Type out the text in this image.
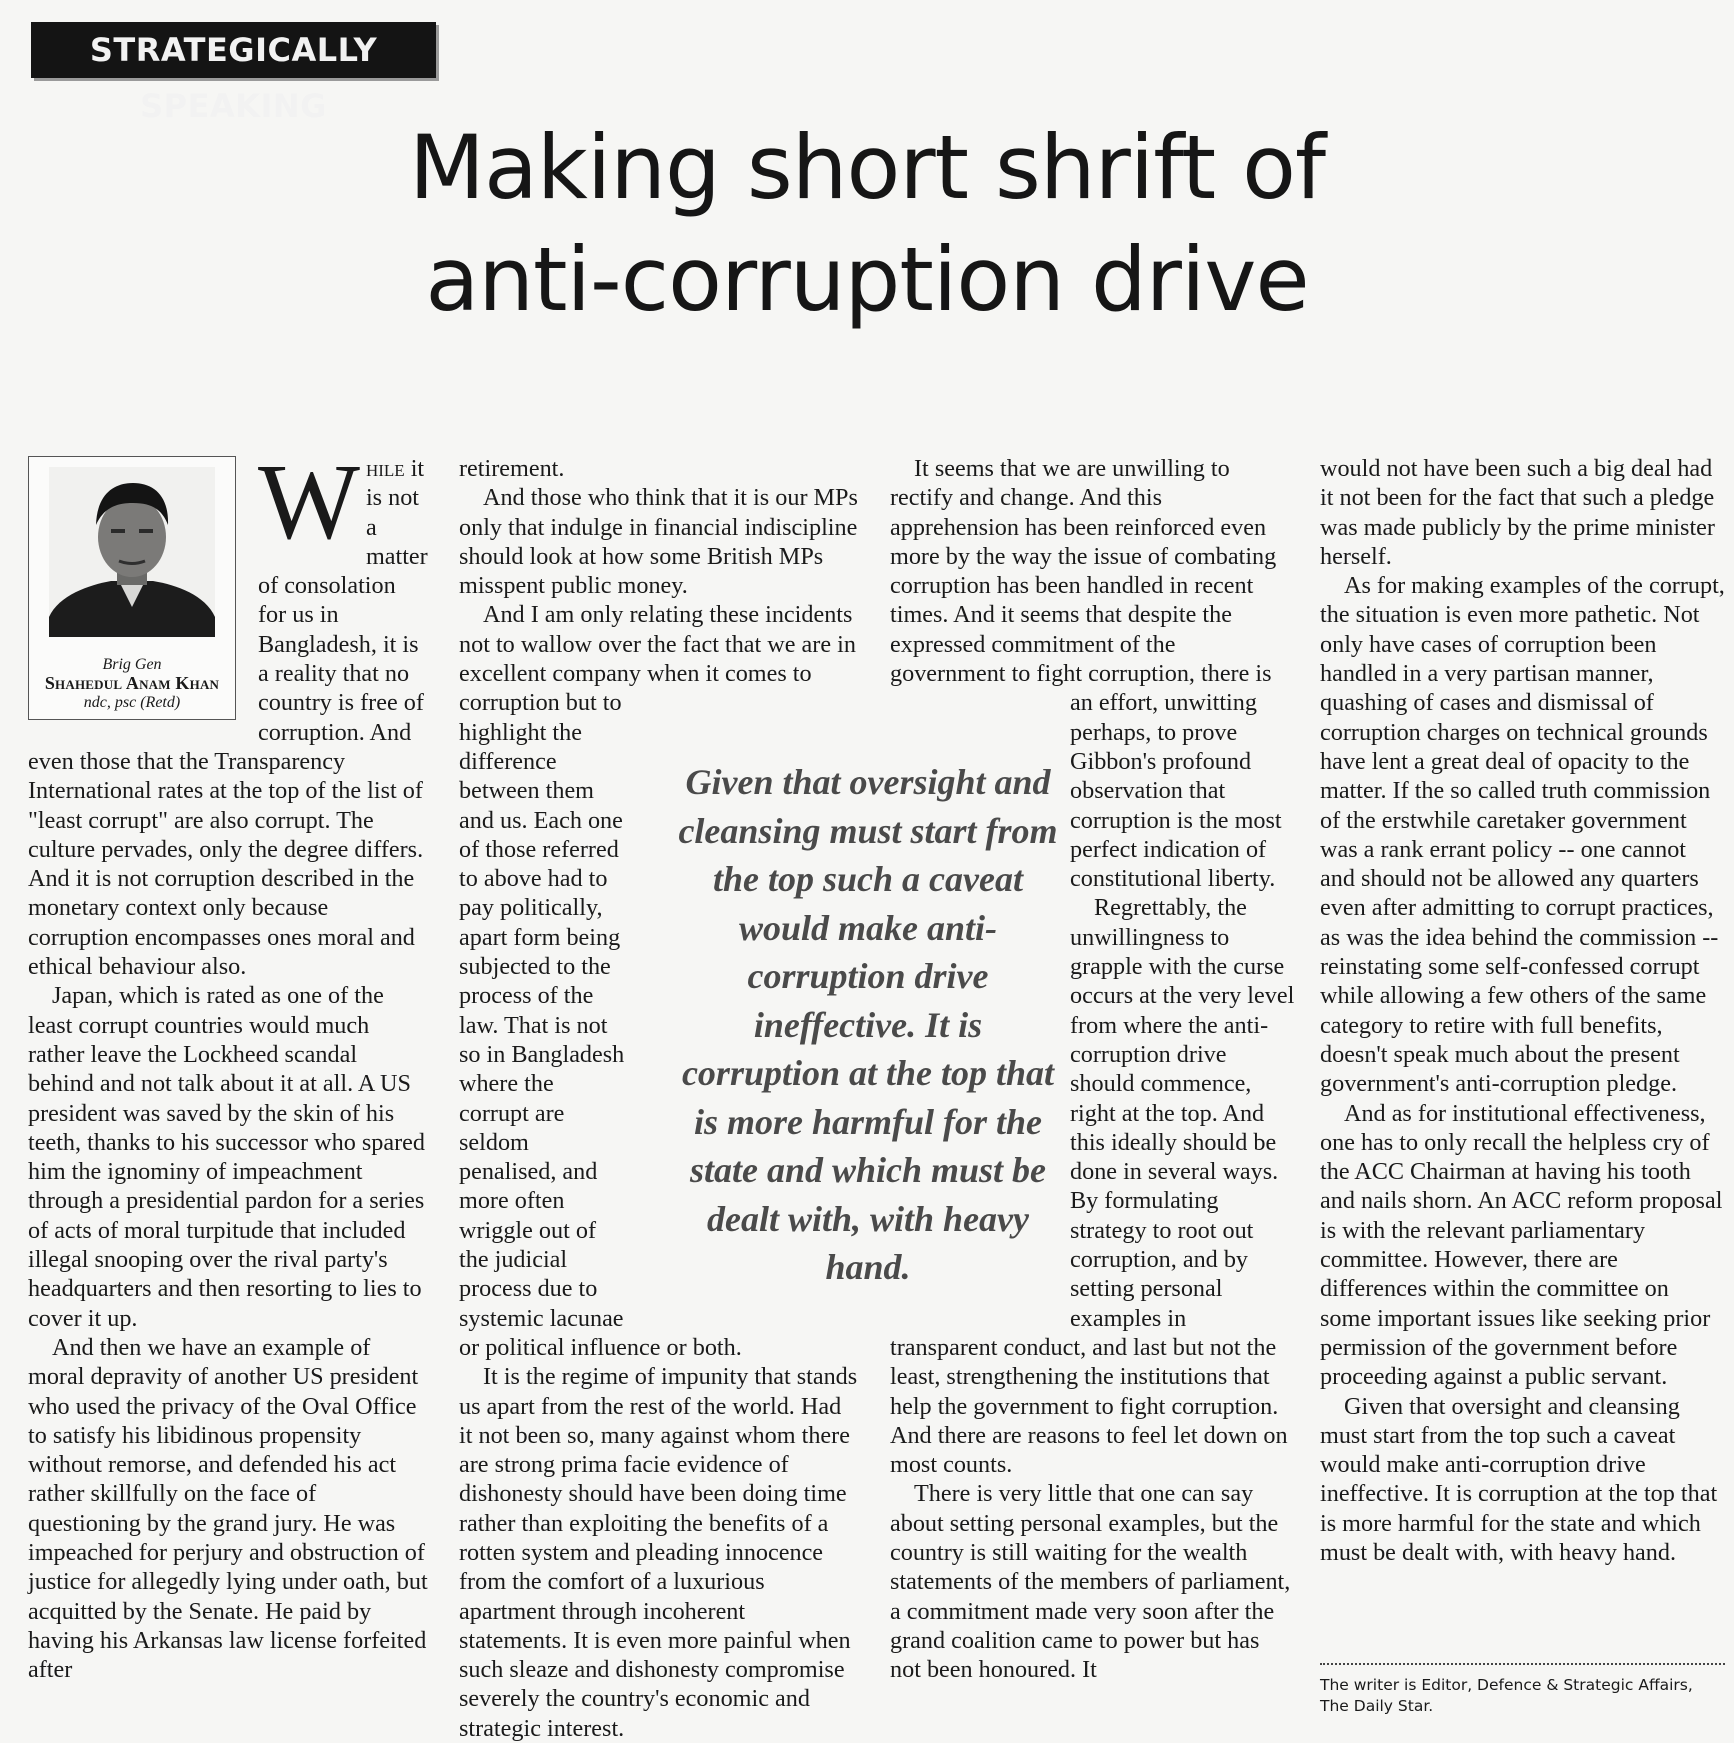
STRATEGICALLY SPEAKING
Making short shrift of
anti-corruption drive
Brig Gen
Shahedul Anam Khan
ndc, psc (Retd)

While it is not a matter of consolation for us in Bangladesh, it is a reality that no country is free of corruption. And even those that the Transparency International rates at the top of the list of "least corrupt" are also corrupt. The culture pervades, only the degree differs. And it is not corruption described in the monetary context only because corruption encompasses ones moral and ethical behaviour also.

Japan, which is rated as one of the least corrupt countries would much rather leave the Lockheed scandal behind and not talk about it at all. A US president was saved by the skin of his teeth, thanks to his successor who spared him the ignominy of impeachment through a presidential pardon for a series of acts of moral turpitude that included illegal snooping over the rival party's headquarters and then resorting to lies to cover it up.

And then we have an example of moral depravity of another US president who used the privacy of the Oval Office to satisfy his libidinous propensity without remorse, and defended his act rather skillfully on the face of questioning by the grand jury. He was impeached for perjury and obstruction of justice for allegedly lying under oath, but acquitted by the Senate. He paid by having his Arkansas law license forfeited after

retirement.

And those who think that it is our MPs only that indulge in financial indiscipline should look at how some British MPs misspent public money.

And I am only relating these incidents not to wallow over the fact that we are in excellent company when it comes to corruption but to highlight the difference between them and us. Each one of those referred to above had to pay politically, apart form being subjected to the process of the law. That is not so in Bangladesh where the corrupt are seldom penalised, and more often wriggle out of the judicial process due to systemic lacunae or political influence or both.

It is the regime of impunity that stands us apart from the rest of the world. Had it not been so, many against whom there are strong prima facie evidence of dishonesty should have been doing time rather than exploiting the benefits of a rotten system and pleading innocence from the comfort of a luxurious apartment through incoherent statements. It is even more painful when such sleaze and dishonesty compromise severely the country's economic and strategic interest.

It seems that we are unwilling to rectify and change. And this apprehension has been reinforced even more by the way the issue of combating corruption has been handled in recent times. And it seems that despite the expressed commitment of the government to fight corruption, there is an effort, unwitting perhaps, to prove Gibbon's profound observation that corruption is the most perfect indication of constitutional liberty.

Regrettably, the unwillingness to grapple with the curse occurs at the very level from where the anti-corruption drive should commence, right at the top. And this ideally should be done in several ways. By formulating strategy to root out corruption, and by setting personal examples in transparent conduct, and last but not the least, strengthening the institutions that help the government to fight corruption. And there are reasons to feel let down on most counts.

There is very little that one can say about setting personal examples, but the country is still waiting for the wealth statements of the members of parliament, a commitment made very soon after the grand coalition came to power but has not been honoured. It

would not have been such a big deal had it not been for the fact that such a pledge was made publicly by the prime minister herself.

As for making examples of the corrupt, the situation is even more pathetic. Not only have cases of corruption been handled in a very partisan manner, quashing of cases and dismissal of corruption charges on technical grounds have lent a great deal of opacity to the matter. If the so called truth commission of the erstwhile caretaker government was a rank errant policy -- one cannot and should not be allowed any quarters even after admitting to corrupt practices, as was the idea behind the commission -- reinstating some self-confessed corrupt while allowing a few others of the same category to retire with full benefits, doesn't speak much about the present government's anti-corruption pledge.

And as for institutional effectiveness, one has to only recall the helpless cry of the ACC Chairman at having his tooth and nails shorn. An ACC reform proposal is with the relevant parliamentary committee. However, there are differences within the committee on some important issues like seeking prior permission of the government before proceeding against a public servant.

Given that oversight and cleansing must start from the top such a caveat would make anti-corruption drive ineffective. It is corruption at the top that is more harmful for the state and which must be dealt with, with heavy hand.

Given that oversight and cleansing must start from the top such a caveat would make anti-corruption drive ineffective. It is corruption at the top that is more harmful for the state and which must be dealt with, with heavy hand.

The writer is Editor, Defence & Strategic Affairs,
The Daily Star.
